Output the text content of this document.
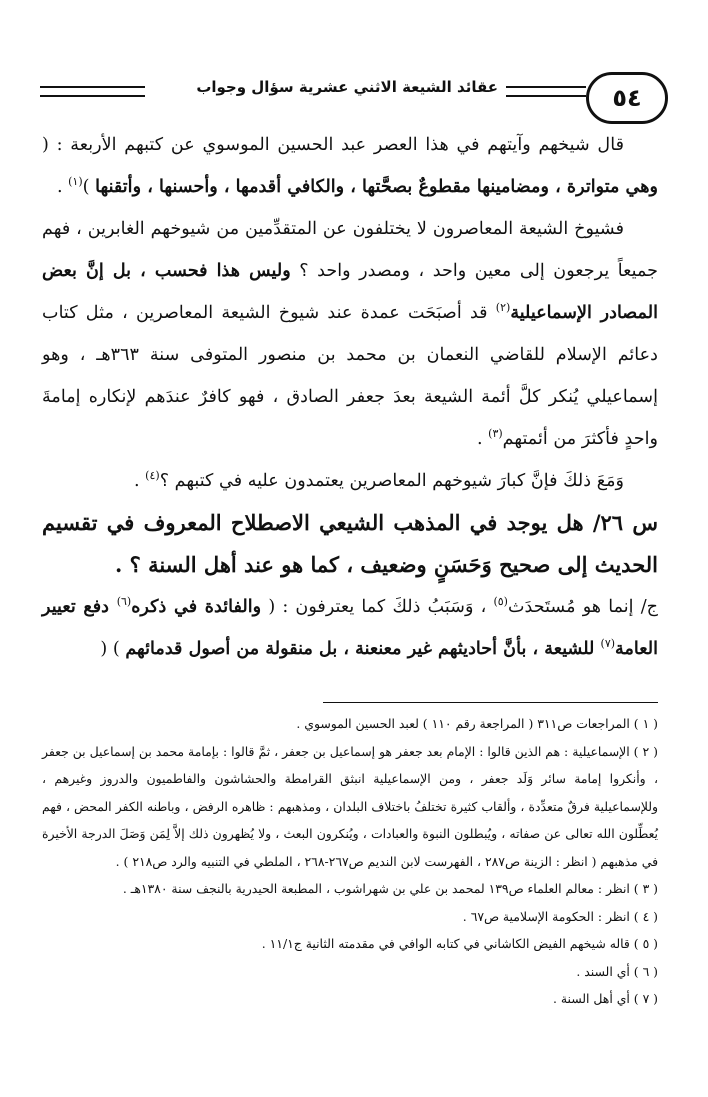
٥٤
عقائد الشيعة الاثني عشرية سؤال وجواب

قال شيخهم وآيتهم في هذا العصر عبد الحسين الموسوي عن كتبهم الأربعة : ( وهي متواترة ، ومضامينها مقطوعٌ بصحَّتها ، والكافي أقدمها ، وأحسنها ، وأتقنها )$^{(١)}$ .

فشيوخ الشيعة المعاصرون لا يختلفون عن المتقدِّمين من شيوخهم الغابرين ، فهم جميعاً يرجعون إلى معين واحد ، ومصدر واحد ؟ وليس هذا فحسب ، بل إنَّ بعض المصادر الإسماعيلية$^{(٢)}$ قد أصبَحَت عمدة عند شيوخ الشيعة المعاصرين ، مثل كتاب دعائم الإسلام للقاضي النعمان بن محمد بن منصور المتوفى سنة ٣٦٣هـ ، وهو إسماعيلي يُنكر كلَّ أئمة الشيعة بعدَ جعفر الصادق ، فهو كافرٌ عندَهم لإنكاره إمامةَ واحدٍ فأكثرَ من أئمتهم$^{(٣)}$ .

وَمَعَ ذلكَ فإنَّ كبارَ شيوخهم المعاصرين يعتمدون عليه في كتبهم ؟$^{(٤)}$ .

س ٢٦/ هل يوجد في المذهب الشيعي الاصطلاح المعروف في تقسيم الحديث إلى صحيح وَحَسَنٍ وضعيف ، كما هو عند أهل السنة ؟ .

ج/ إنما هو مُستَحدَث$^{(٥)}$ ، وَسَبَبُ ذلكَ كما يعترفون : ( والفائدة في ذكره$^{(٦)}$ دفع تعيير العامة$^{(٧)}$ للشيعة ، بأنَّ أحاديثهم غير معنعنة ، بل منقولة من أصول قدمائهم ) (

( ١ ) المراجعات ص٣١١ ( المراجعة رقم ١١٠ ) لعبد الحسين الموسوي .

( ٢ ) الإسماعيلية : هم الذين قالوا : الإمام بعد جعفر هو إسماعيل بن جعفر ، ثمَّ قالوا : بإمامة محمد بن إسماعيل بن جعفر ، وأنكروا إمامة سائر وَلَد جعفر ، ومن الإسماعيلية انبثق القرامطة والحشاشون والفاطميون والدروز وغيرهم ، وللإسماعيلية فرقٌ متعدِّدة ، وألقاب كثيرة تختلفُ باختلاف البلدان ، ومذهبهم : ظاهره الرفض ، وباطنه الكفر المحض ، فهم يُعطِّلون الله تعالى عن صفاته ، ويُبطلون النبوة والعبادات ، ويُنكرون البعث ، ولا يُظهرون ذلك إلاَّ لِمَن وَصَلَ الدرجة الأخيرة في مذهبهم ( انظر : الزينة ص٢٨٧ ، الفهرست لابن النديم ص٢٦٧-٢٦٨ ، الملطي في التنبيه والرد ص٢١٨ ) .

( ٣ ) انظر : معالم العلماء ص١٣٩ لمحمد بن علي بن شهراشوب ، المطبعة الحيدرية بالنجف سنة ١٣٨٠هـ .

( ٤ ) انظر : الحكومة الإسلامية ص٦٧ .

( ٥ ) قاله شيخهم الفيض الكاشاني في كتابه الوافي في مقدمته الثانية ج١١/١ .

( ٦ ) أي السند .

( ٧ ) أي أهل السنة .
